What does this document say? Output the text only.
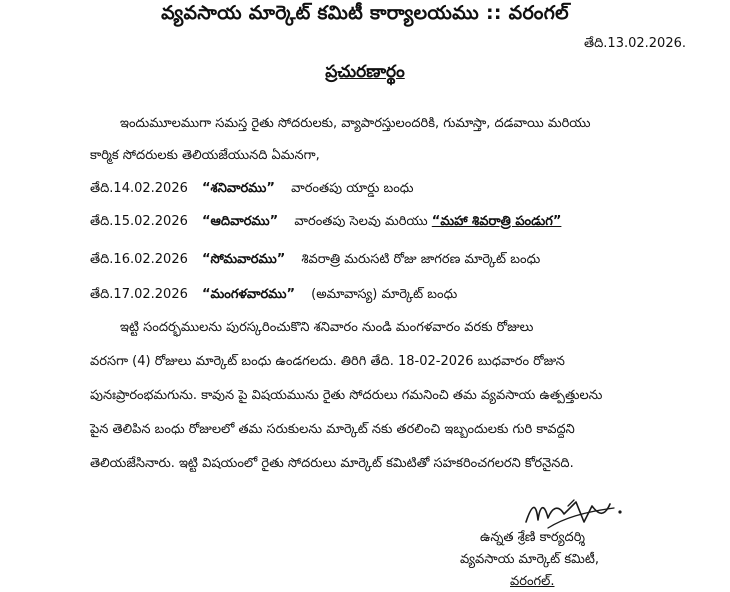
వ్యవసాయ మార్కెట్ కమిటీ కార్యాలయము :: వరంగల్
తేది.13.02.2026.
ప్రచురణార్థం
ఇందుమూలముగా సమస్త రైతు సోదరులకు, వ్యాపారస్తులందరికి, గుమాస్తా, దడవాయి మరియు
కార్మిక సోదరులకు తెలియజేయునది ఏమనగా,
తేది.14.02.2026 “శనివారము” వారంతపు యార్డు బంధు
తేది.15.02.2026 “ఆదివారము” వారంతపు సెలవు మరియు “మహా శివరాత్రి పండుగ”
తేది.16.02.2026 “సోమవారము” శివరాత్రి మరుసటి రోజు జాగరణ మార్కెట్ బంధు
తేది.17.02.2026 “మంగళవారము” (అమావాస్య) మార్కెట్ బంధు
ఇట్టి సందర్భములను పురస్కరించుకొని శనివారం నుండి మంగళవారం వరకు రోజులు
వరసగా (4) రోజులు మార్కెట్ బంధు ఉండగలదు. తిరిగి తేది. 18-02-2026 బుధవారం రోజున
పునఃప్రారంభమగును. కావున పై విషయమును రైతు సోదరులు గమనించి తమ వ్యవసాయ ఉత్పత్తులను
పైన తెలిపిన బంధు రోజులలో తమ సరుకులను మార్కెట్ నకు తరలించి ఇబ్బందులకు గురి కావద్దని
తెలియజేసినారు. ఇట్టి విషయంలో రైతు సోదరులు మార్కెట్ కమిటితో సహకరించగలరని కోరనైనది.
ఉన్నత శ్రేణి కార్యదర్శి
వ్యవసాయ మార్కెట్ కమిటీ,
వరంగల్.
